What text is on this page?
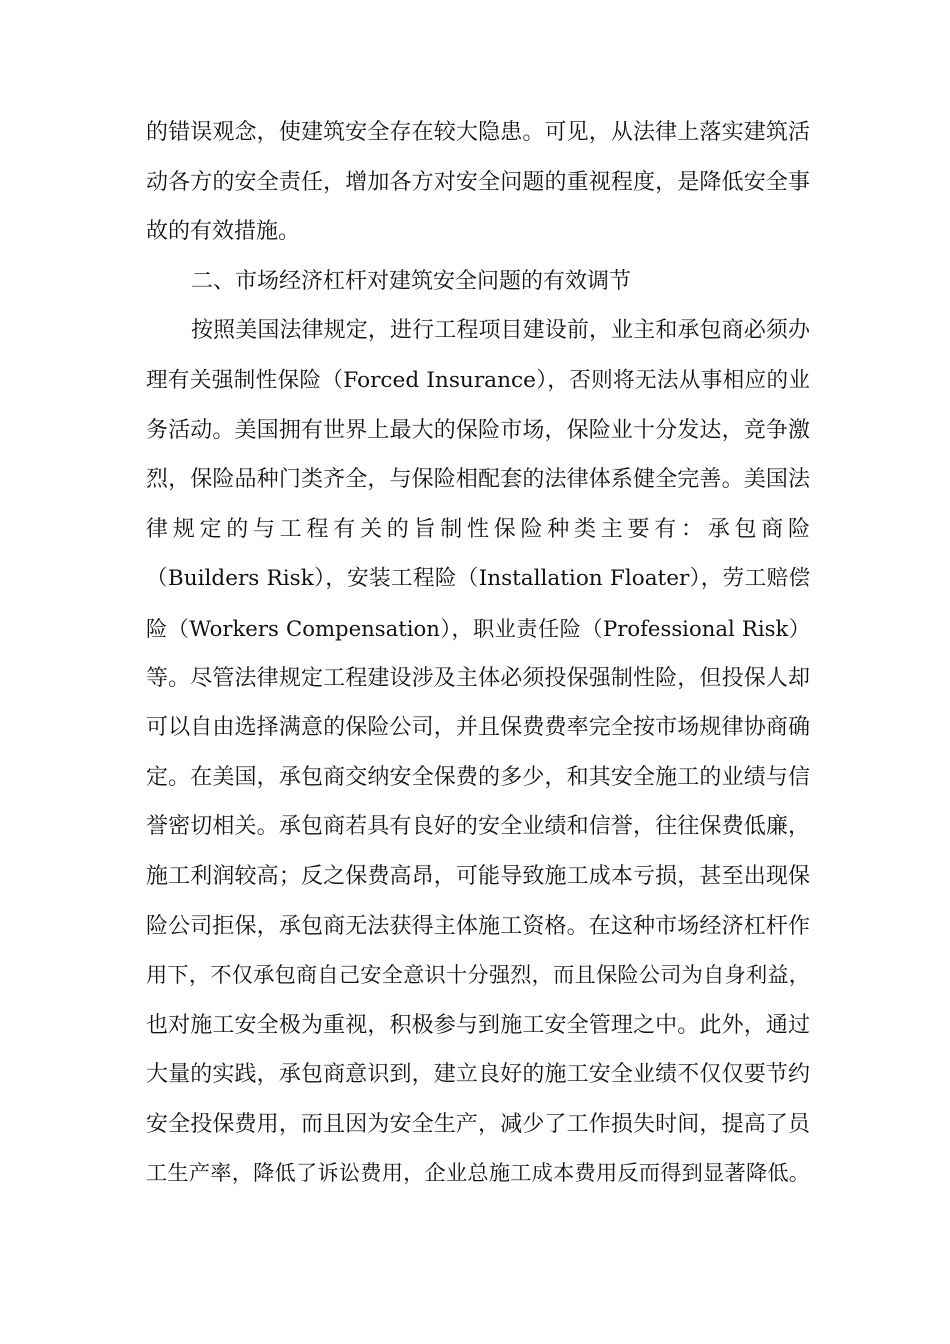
的错误观念，使建筑安全存在较大隐患。可见，从法律上落实建筑活
动各方的安全责任，增加各方对安全问题的重视程度，是降低安全事
故的有效措施。
二、市场经济杠杆对建筑安全问题的有效调节
按照美国法律规定，进行工程项目建设前，业主和承包商必须办
理有关强制性保险（Forced Insurance），否则将无法从事相应的业
务活动。美国拥有世界上最大的保险市场，保险业十分发达，竞争激
烈，保险品种门类齐全，与保险相配套的法律体系健全完善。美国法
律规定的与工程有关的旨制性保险种类主要有：承包商险
（Builders Risk），安装工程险（Installation Floater），劳工赔偿
险（Workers Compensation），职业责任险（Professional Risk）
等。尽管法律规定工程建设涉及主体必须投保强制性险，但投保人却
可以自由选择满意的保险公司，并且保费费率完全按市场规律协商确
定。在美国，承包商交纳安全保费的多少，和其安全施工的业绩与信
誉密切相关。承包商若具有良好的安全业绩和信誉，往往保费低廉，
施工利润较高；反之保费高昂，可能导致施工成本亏损，甚至出现保
险公司拒保，承包商无法获得主体施工资格。在这种市场经济杠杆作
用下，不仅承包商自己安全意识十分强烈，而且保险公司为自身利益，
也对施工安全极为重视，积极参与到施工安全管理之中。此外，通过
大量的实践，承包商意识到，建立良好的施工安全业绩不仅仅要节约
安全投保费用，而且因为安全生产，减少了工作损失时间，提高了员
工生产率，降低了诉讼费用，企业总施工成本费用反而得到显著降低。
